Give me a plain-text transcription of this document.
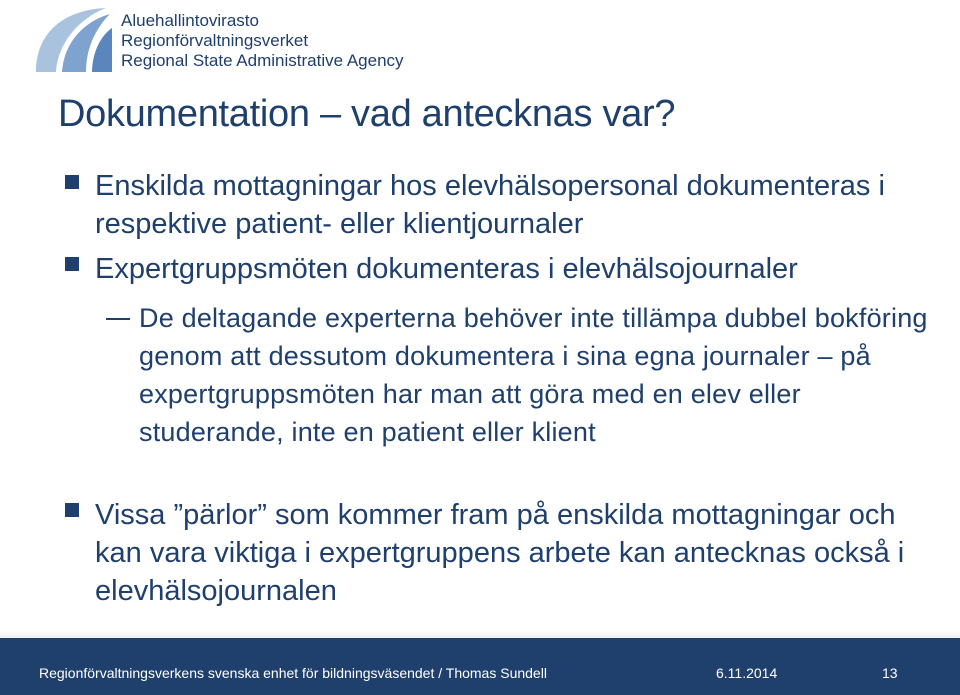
Aluehallintovirasto
Regionförvaltningsverket
Regional State Administrative Agency
Dokumentation – vad antecknas var?
Enskilda mottagningar hos elevhälsopersonal dokumenteras i respektive patient- eller klientjournaler
Expertgruppsmöten dokumenteras i elevhälsojournaler
De deltagande experterna behöver inte tillämpa dubbel bokföring genom att dessutom dokumentera i sina egna journaler – på expertgruppsmöten har man att göra med en elev eller studerande, inte en patient eller klient
Vissa ”pärlor” som kommer fram på enskilda mottagningar och kan vara viktiga i expertgruppens arbete kan antecknas också i elevhälsojournalen
Regionförvaltningsverkens svenska enhet för bildningsväsendet / Thomas Sundell	6.11.2014	13
